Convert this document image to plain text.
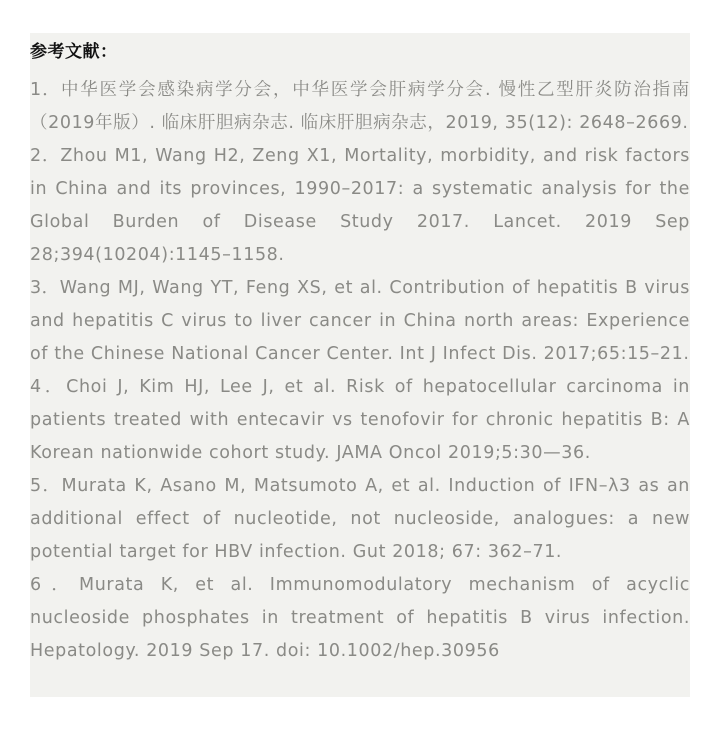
参考文献：
1．中华医学会感染病学分会，中华医学会肝病学分会. 慢性乙型肝炎防治指南（2019年版）. 临床肝胆病杂志. 临床肝胆病杂志，2019, 35(12): 2648–2669.
2．Zhou M1, Wang H2, Zeng X1, Mortality, morbidity, and risk factors in China and its provinces, 1990–2017: a systematic analysis for the Global Burden of Disease Study 2017. Lancet. 2019 Sep 28;394(10204):1145–1158.
3．Wang MJ, Wang YT, Feng XS, et al. Contribution of hepatitis B virus and hepatitis C virus to liver cancer in China north areas: Experience of the Chinese National Cancer Center. Int J Infect Dis. 2017;65:15–21.
4．Choi J, Kim HJ, Lee J, et al. Risk of hepatocellular carcinoma in patients treated with entecavir vs tenofovir for chronic hepatitis B: A Korean nationwide cohort study. JAMA Oncol 2019;5:30—36.
5．Murata K, Asano M, Matsumoto A, et al. Induction of IFN–λ3 as an additional effect of nucleotide, not nucleoside, analogues: a new potential target for HBV infection. Gut 2018; 67: 362–71.
6．Murata K, et al. Immunomodulatory mechanism of acyclic nucleoside phosphates in treatment of hepatitis B virus infection. Hepatology. 2019 Sep 17. doi: 10.1002/hep.30956
